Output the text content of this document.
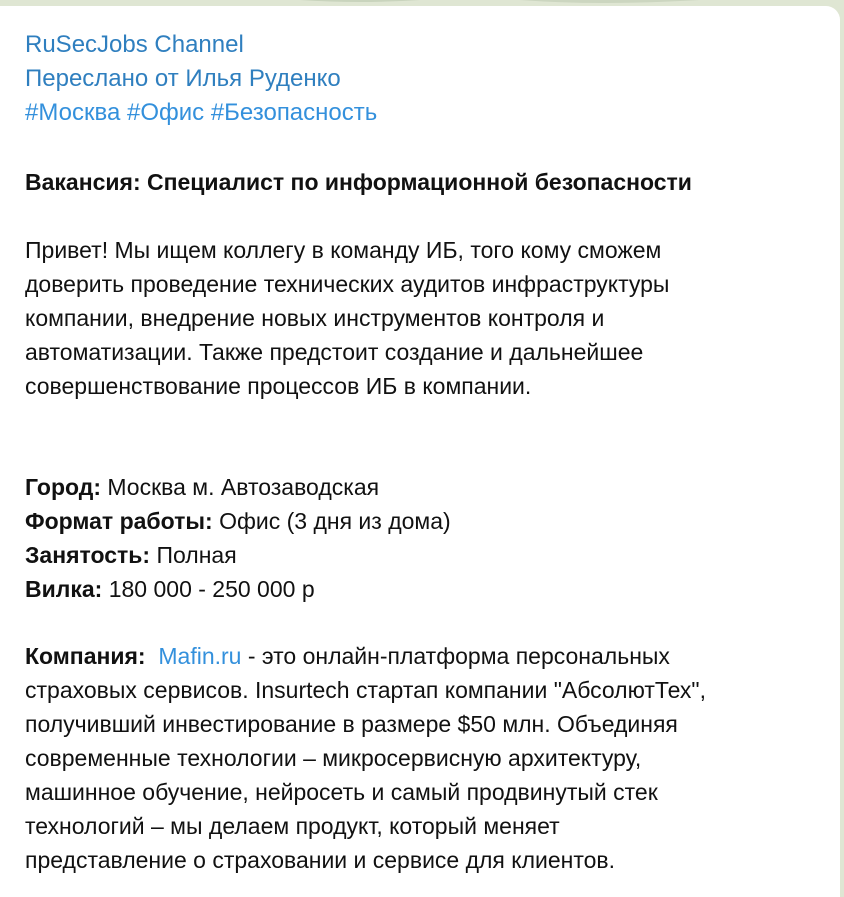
RuSecJobs Channel
Переслано от Илья Руденко
#Москва #Офис #Безопасность
Вакансия: Специалист по информационной безопасности
Привет! Мы ищем коллегу в команду ИБ, того кому сможем
доверить проведение технических аудитов инфраструктуры
компании, внедрение новых инструментов контроля и
автоматизации. Также предстоит создание и дальнейшее
совершенствование процессов ИБ в компании.
Город: Москва м. Автозаводская
Формат работы: Офис (3 дня из дома)
Занятость: Полная
Вилка: 180 000 - 250 000 р
Компания: Mafin.ru - это онлайн-платформа персональных
страховых сервисов. Insurtech стартап компании "АбсолютТех",
получивший инвестирование в размере $50 млн. Объединяя
современные технологии – микросервисную архитектуру,
машинное обучение, нейросеть и самый продвинутый стек
технологий – мы делаем продукт, который меняет
представление о страховании и сервисе для клиентов.
